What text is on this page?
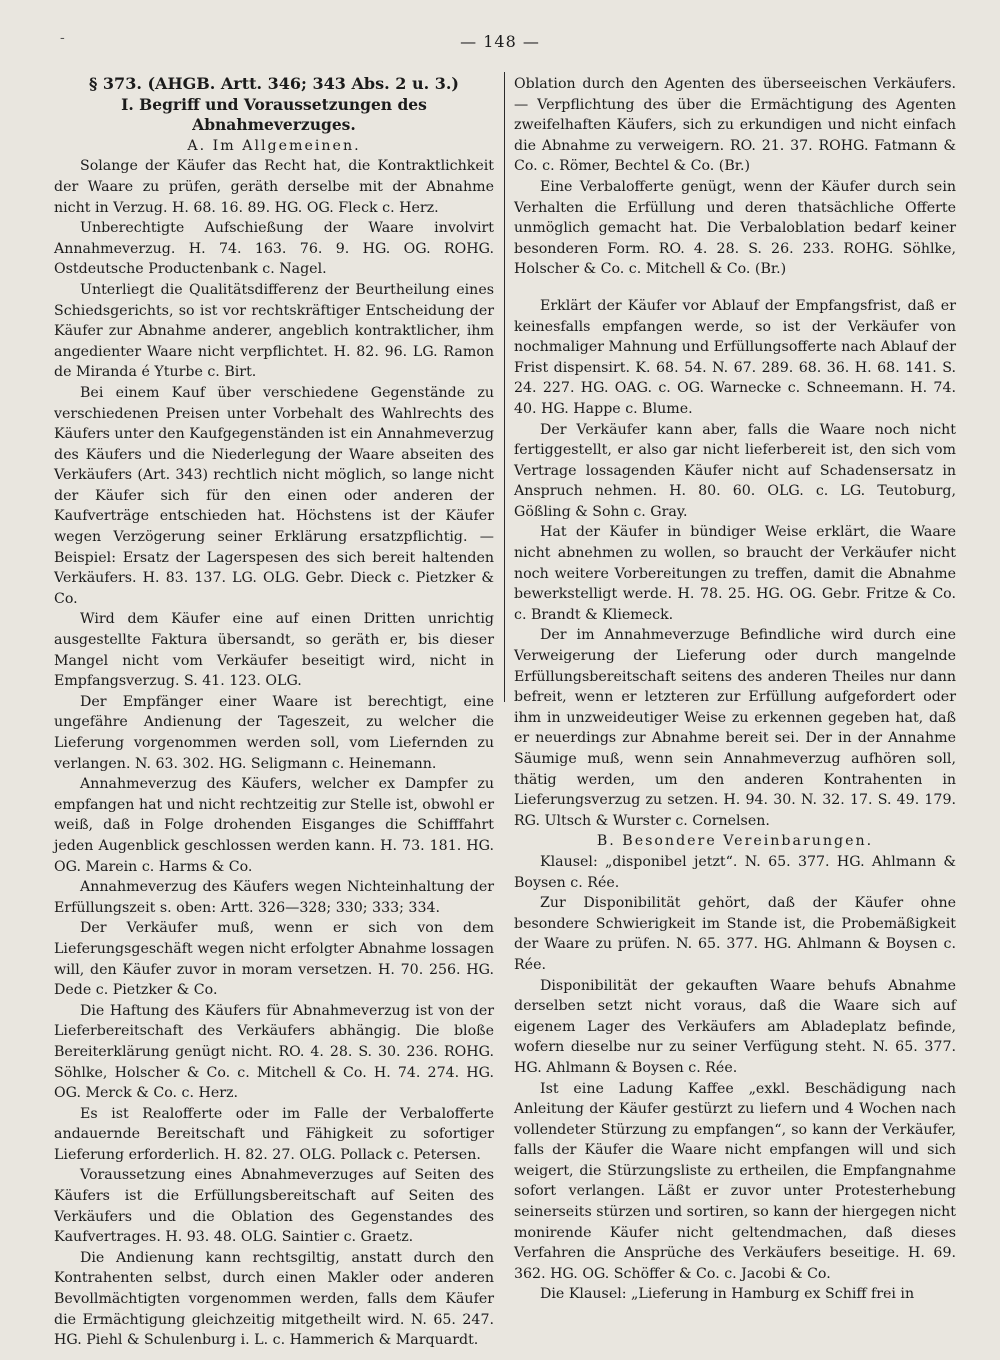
-	— 148 —

§ 373. (AHGB. Artt. 346; 343 Abs. 2 u. 3.)

I. Begriff und Voraussetzungen des Abnahmeverzuges.

A. Im Allgemeinen.

Solange der Käufer das Recht hat, die Kontraktlichkeit der Waare zu prüfen, geräth derselbe mit der Abnahme nicht in Verzug. H. 68. 16. 89. HG. OG. Fleck c. Herz.

Unberechtigte Aufschießung der Waare involvirt Annahmeverzug. H. 74. 163. 76. 9. HG. OG. ROHG. Ostdeutsche Productenbank c. Nagel.

Unterliegt die Qualitätsdifferenz der Beurtheilung eines Schiedsgerichts, so ist vor rechtskräftiger Entscheidung der Käufer zur Abnahme anderer, angeblich kontraktlicher, ihm angedienter Waare nicht verpflichtet. H. 82. 96. LG. Ramon de Miranda é Yturbe c. Birt.

Bei einem Kauf über verschiedene Gegenstände zu verschiedenen Preisen unter Vorbehalt des Wahlrechts des Käufers unter den Kaufgegenständen ist ein Annahmeverzug des Käufers und die Niederlegung der Waare abseiten des Verkäufers (Art. 343) rechtlich nicht möglich, so lange nicht der Käufer sich für den einen oder anderen der Kaufverträge entschieden hat. Höchstens ist der Käufer wegen Verzögerung seiner Erklärung ersatzpflichtig. — Beispiel: Ersatz der Lagerspesen des sich bereit haltenden Verkäufers. H. 83. 137. LG. OLG. Gebr. Dieck c. Pietzker & Co.

Wird dem Käufer eine auf einen Dritten unrichtig ausgestellte Faktura übersandt, so geräth er, bis dieser Mangel nicht vom Verkäufer beseitigt wird, nicht in Empfangsverzug. S. 41. 123. OLG.

Der Empfänger einer Waare ist berechtigt, eine ungefähre Andienung der Tageszeit, zu welcher die Lieferung vorgenommen werden soll, vom Liefernden zu verlangen. N. 63. 302. HG. Seligmann c. Heinemann.

Annahmeverzug des Käufers, welcher ex Dampfer zu empfangen hat und nicht rechtzeitig zur Stelle ist, obwohl er weiß, daß in Folge drohenden Eisganges die Schifffahrt jeden Augenblick geschlossen werden kann. H. 73. 181. HG. OG. Marein c. Harms & Co.

Annahmeverzug des Käufers wegen Nichteinhaltung der Erfüllungszeit s. oben: Artt. 326—328; 330; 333; 334.

Der Verkäufer muß, wenn er sich von dem Lieferungsgeschäft wegen nicht erfolgter Abnahme lossagen will, den Käufer zuvor in moram versetzen. H. 70. 256. HG. Dede c. Pietzker & Co.

Die Haftung des Käufers für Abnahmeverzug ist von der Lieferbereitschaft des Verkäufers abhängig. Die bloße Bereiterklärung genügt nicht. RO. 4. 28. S. 30. 236. ROHG. Söhlke, Holscher & Co. c. Mitchell & Co. H. 74. 274. HG. OG. Merck & Co. c. Herz.

Es ist Realofferte oder im Falle der Verbalofferte andauernde Bereitschaft und Fähigkeit zu sofortiger Lieferung erforderlich. H. 82. 27. OLG. Pollack c. Petersen.

Voraussetzung eines Abnahmeverzuges auf Seiten des Käufers ist die Erfüllungsbereitschaft auf Seiten des Verkäufers und die Oblation des Gegenstandes des Kaufvertrages. H. 93. 48. OLG. Saintier c. Graetz.

Die Andienung kann rechtsgiltig, anstatt durch den Kontrahenten selbst, durch einen Makler oder anderen Bevollmächtigten vorgenommen werden, falls dem Käufer die Ermächtigung gleichzeitig mitgetheilt wird. N. 65. 247. HG. Piehl & Schulenburg i. L. c. Hammerich & Marquardt.

Oblation durch den Agenten des überseeischen Verkäufers. — Verpflichtung des über die Ermächtigung des Agenten zweifelhaften Käufers, sich zu erkundigen und nicht einfach die Abnahme zu verweigern. RO. 21. 37. ROHG. Fatmann & Co. c. Römer, Bechtel & Co. (Br.)

Eine Verbalofferte genügt, wenn der Käufer durch sein Verhalten die Erfüllung und deren thatsächliche Offerte unmöglich gemacht hat. Die Verbaloblation bedarf keiner besonderen Form. RO. 4. 28. S. 26. 233. ROHG. Söhlke, Holscher & Co. c. Mitchell & Co. (Br.)

Erklärt der Käufer vor Ablauf der Empfangsfrist, daß er keinesfalls empfangen werde, so ist der Verkäufer von nochmaliger Mahnung und Erfüllungsofferte nach Ablauf der Frist dispensirt. K. 68. 54. N. 67. 289. 68. 36. H. 68. 141. S. 24. 227. HG. OAG. c. OG. Warnecke c. Schneemann. H. 74. 40. HG. Happe c. Blume.

Der Verkäufer kann aber, falls die Waare noch nicht fertiggestellt, er also gar nicht lieferbereit ist, den sich vom Vertrage lossagenden Käufer nicht auf Schadensersatz in Anspruch nehmen. H. 80. 60. OLG. c. LG. Teutoburg, Gößling & Sohn c. Gray.

Hat der Käufer in bündiger Weise erklärt, die Waare nicht abnehmen zu wollen, so braucht der Verkäufer nicht noch weitere Vorbereitungen zu treffen, damit die Abnahme bewerkstelligt werde. H. 78. 25. HG. OG. Gebr. Fritze & Co. c. Brandt & Kliemeck.

Der im Annahmeverzuge Befindliche wird durch eine Verweigerung der Lieferung oder durch mangelnde Erfüllungsbereitschaft seitens des anderen Theiles nur dann befreit, wenn er letzteren zur Erfüllung aufgefordert oder ihm in unzweideutiger Weise zu erkennen gegeben hat, daß er neuerdings zur Abnahme bereit sei. Der in der Annahme Säumige muß, wenn sein Annahmeverzug aufhören soll, thätig werden, um den anderen Kontrahenten in Lieferungsverzug zu setzen. H. 94. 30. N. 32. 17. S. 49. 179. RG. Ultsch & Wurster c. Cornelsen.

B. Besondere Vereinbarungen.

Klausel: „disponibel jetzt“. N. 65. 377. HG. Ahlmann & Boysen c. Rée.

Zur Disponibilität gehört, daß der Käufer ohne besondere Schwierigkeit im Stande ist, die Probemäßigkeit der Waare zu prüfen. N. 65. 377. HG. Ahlmann & Boysen c. Rée.

Disponibilität der gekauften Waare behufs Abnahme derselben setzt nicht voraus, daß die Waare sich auf eigenem Lager des Verkäufers am Abladeplatz befinde, wofern dieselbe nur zu seiner Verfügung steht. N. 65. 377. HG. Ahlmann & Boysen c. Rée.

Ist eine Ladung Kaffee „exkl. Beschädigung nach Anleitung der Käufer gestürzt zu liefern und 4 Wochen nach vollendeter Stürzung zu empfangen“, so kann der Verkäufer, falls der Käufer die Waare nicht empfangen will und sich weigert, die Stürzungsliste zu ertheilen, die Empfangnahme sofort verlangen. Läßt er zuvor unter Protesterhebung seinerseits stürzen und sortiren, so kann der hiergegen nicht monirende Käufer nicht geltendmachen, daß dieses Verfahren die Ansprüche des Verkäufers beseitige. H. 69. 362. HG. OG. Schöffer & Co. c. Jacobi & Co.

Die Klausel: „Lieferung in Hamburg ex Schiff frei in
